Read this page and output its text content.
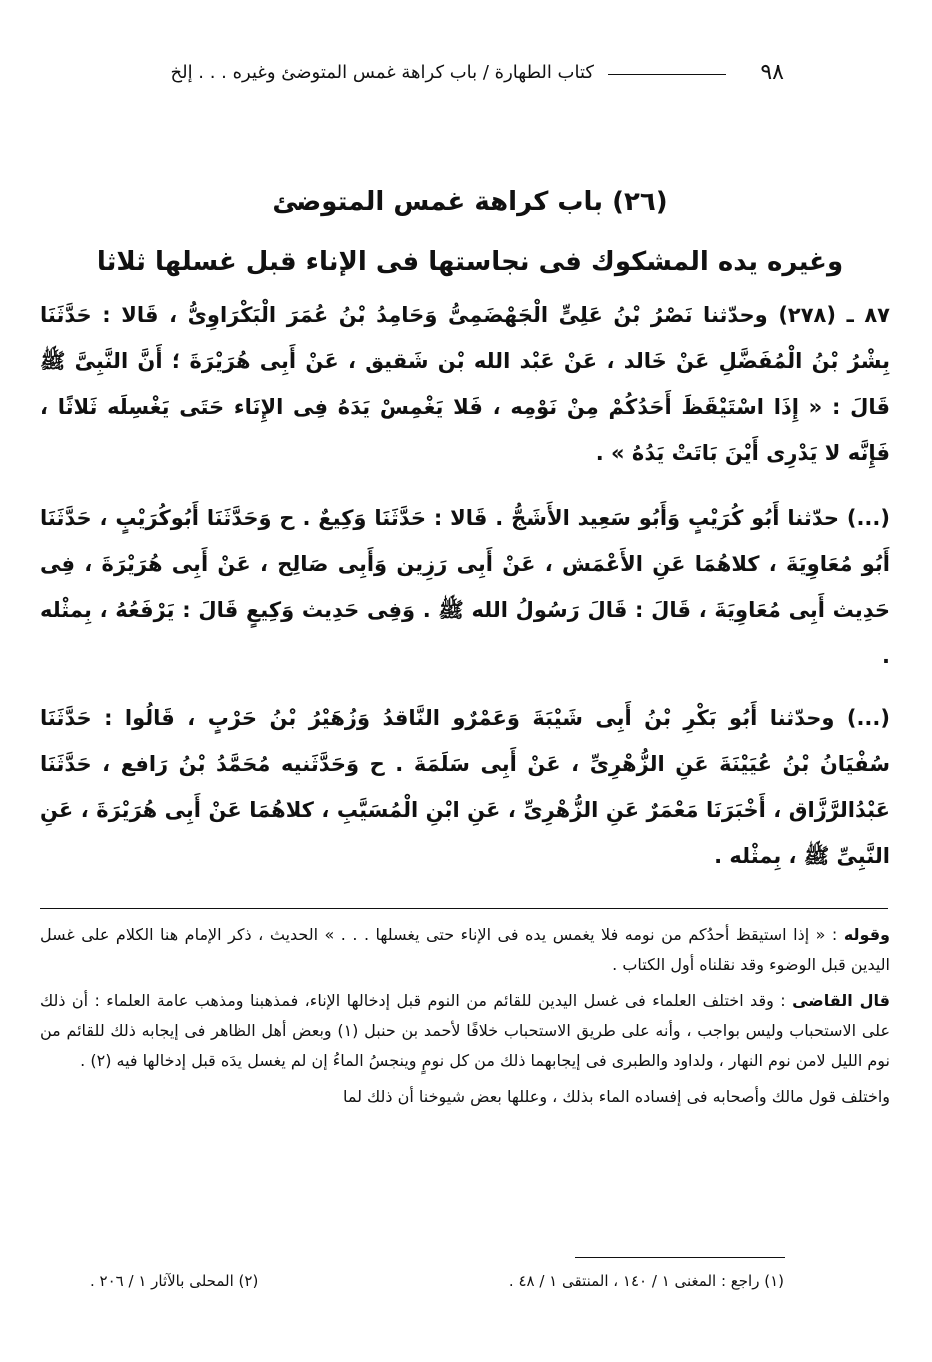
٩٨
كتاب الطهارة / باب كراهة غمس المتوضئ وغيره . . . إلخ
(٢٦) باب كراهة غمس المتوضئ
وغيره يده المشكوك فى نجاستها فى الإناء قبل غسلها ثلاثا

٨٧ ـ (٢٧٨) وحدّثنا نَصْرُ بْنُ عَلِىٍّ الْجَهْضَمِىُّ وَحَامِدُ بْنُ عُمَرَ الْبَكْرَاوِىُّ ، قَالا : حَدَّثَنَا بِشْرُ بْنُ الْمُفَضَّلِ عَنْ خَالد ، عَنْ عَبْد الله بْن شَقيق ، عَنْ أَبِى هُرَيْرَةَ ؛ أَنَّ النَّبِىَّ ﷺ قَالَ : « إِذَا اسْتَيْقَظَ أَحَدُكُمْ مِنْ نَوْمِه ، فَلا يَغْمِسْ يَدَهُ فِى الإِنَاء حَتَى يَغْسِلَه ثَلاثًا ، فَإِنَّه لا يَدْرِى أَيْنَ بَاتَتْ يَدُهُ » .

(...) حدّثنا أَبُو كُرَيْبٍ وَأَبُو سَعِيد الأَشَجُّ . قَالا : حَدَّثَنَا وَكِيعٌ . ح وَحَدَّثَنَا أَبُوكُرَيْبٍ ، حَدَّثَنَا أَبُو مُعَاوِيَةَ ، كلاهُمَا عَنِ الأَعْمَش ، عَنْ أَبِى رَزِين وَأَبِى صَالِح ، عَنْ أَبِى هُرَيْرَةَ ، فِى حَدِيث أَبِى مُعَاوِيَةَ ، قَالَ : قَالَ رَسُولُ الله ﷺ . وَفِى حَدِيث وَكِيعٍ قَالَ : يَرْفَعُهُ ، بِمثْله .

(...) وحدّثنا أَبُو بَكْرِ بْنُ أَبِى شَيْبَةَ وَعَمْرٌو النَّاقدُ وَزُهَيْرُ بْنُ حَرْبٍ ، قَالُوا : حَدَّثَنَا سُفْيَانُ بْنُ عُيَيْنَةَ عَنِ الزُّهْرِىِّ ، عَنْ أَبِى سَلَمَةَ . ح وَحَدَّثَنيه مُحَمَّدُ بْنُ رَافع ، حَدَّثَنَا عَبْدُالرَّزَّاق ، أَخْبَرَنَا مَعْمَرٌ عَنِ الزُّهْرِىِّ ، عَنِ ابْنِ الْمُسَيَّبِ ، كلاهُمَا عَنْ أَبِى هُرَيْرَةَ ، عَنِ النَّبِىِّ ﷺ ، بِمثْله .

وقوله : « إذا استيقظ أحدُكم من نومه فلا يغمس يده فى الإناء حتى يغسلها . . . » الحديث ، ذكر الإمام هنا الكلام على غسل اليدين قبل الوضوء وقد نقلناه أول الكتاب .

قال القاضى : وقد اختلف العلماء فى غسل اليدين للقائم من النوم قبل إدخالها الإناء، فمذهبنا ومذهب عامة العلماء : أن ذلك على الاستحباب وليس بواجب ، وأنه على طريق الاستحباب خلافًا لأحمد بن حنبل (١) وبعض أهل الظاهر فى إيجابه ذلك للقائم من نوم الليل لامن نوم النهار ، ولداود والطبرى فى إيجابهما ذلك من كل نومٍ وينجسُ الماءُ إن لم يغسل يدَه قبل إدخالها فيه (٢) .

واختلف قول مالك وأصحابه فى إفساده الماء بذلك ، وعللها بعض شيوخنا أن ذلك لما

(١) راجع : المغنى ١ / ١٤٠ ، المنتقى ١ / ٤٨ .
(٢) المحلى بالآثار ١ / ٢٠٦ .
